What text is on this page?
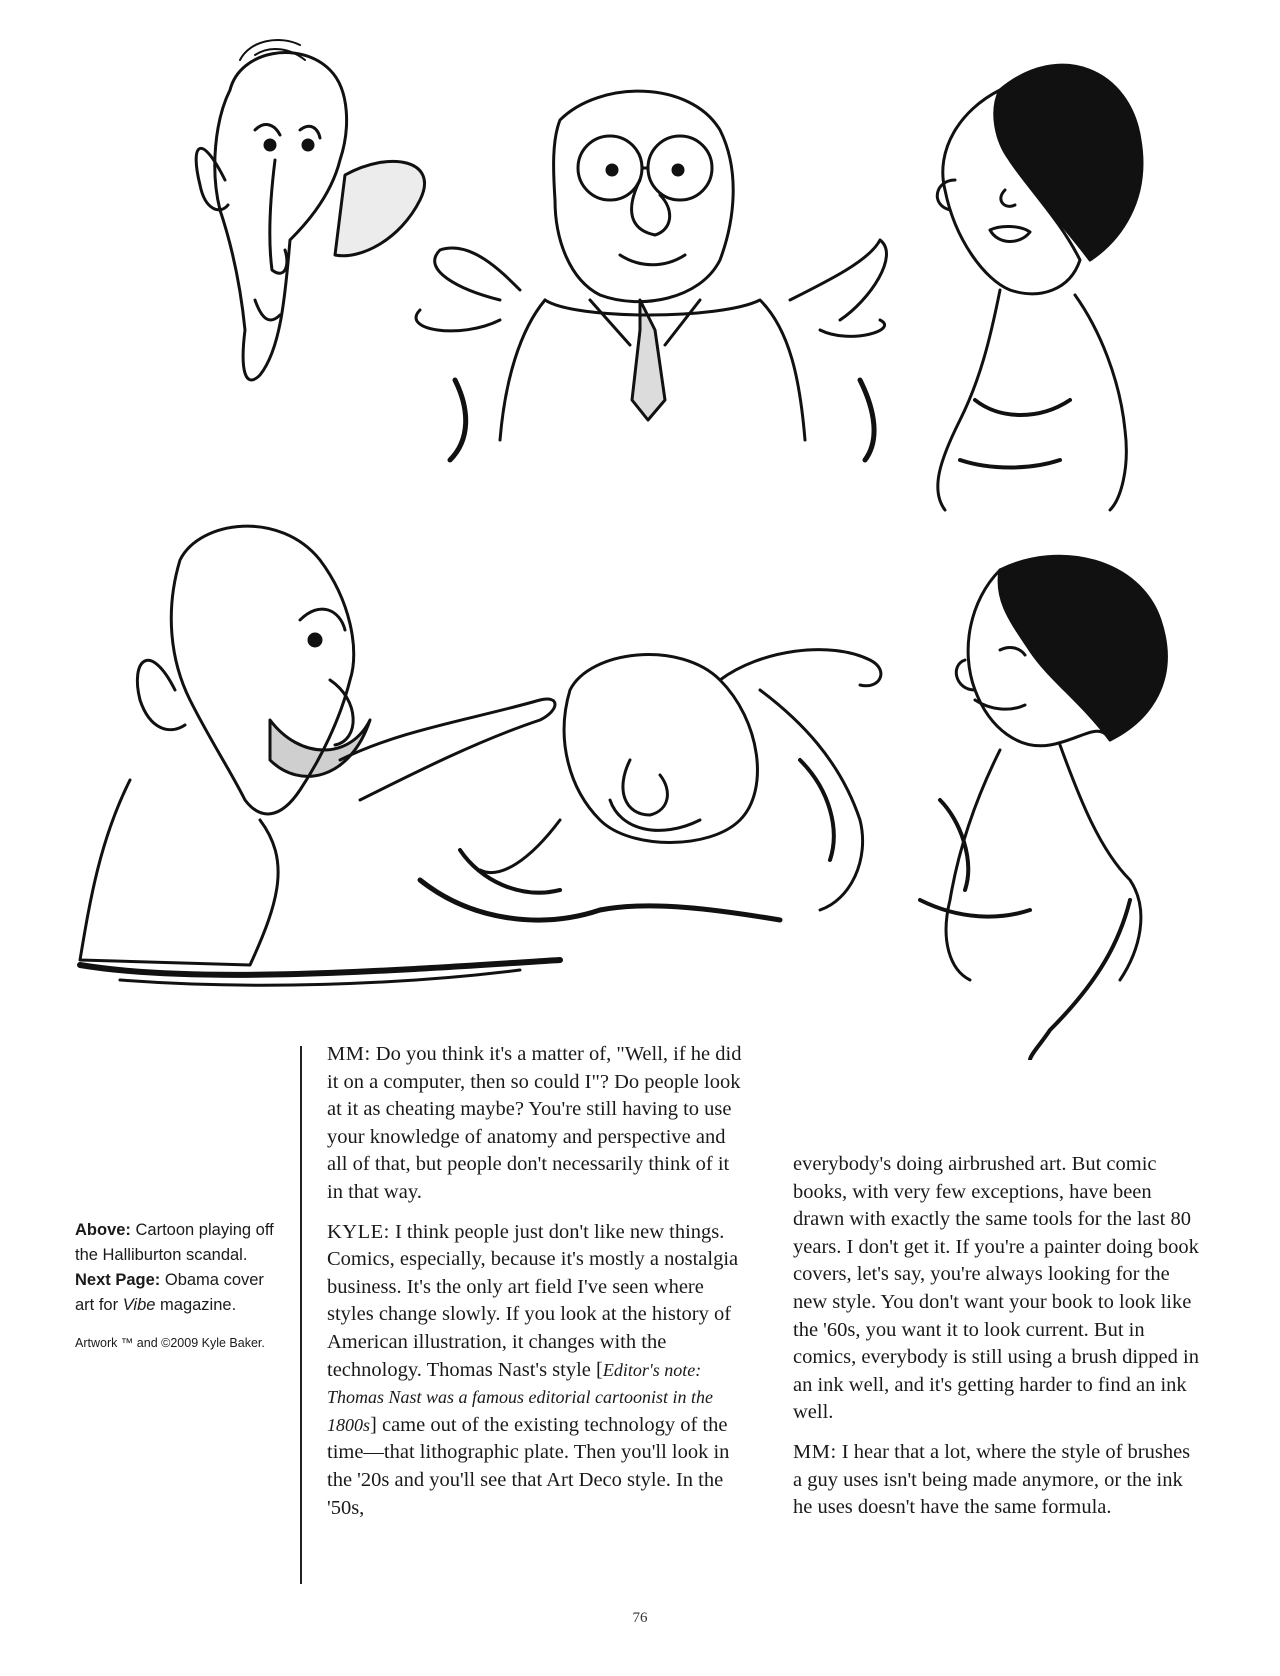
Above: Cartoon playing off the Halliburton scandal.
Next Page: Obama cover art for Vibe magazine.
Artwork ™ and ©2009 Kyle Baker.

MM: Do you think it's a matter of, "Well, if he did it on a computer, then so could I"? Do people look at it as cheating maybe? You're still having to use your knowledge of anatomy and perspective and all of that, but people don't necessarily think of it in that way.

KYLE: I think people just don't like new things. Comics, especially, because it's mostly a nostalgia business. It's the only art field I've seen where styles change slowly. If you look at the history of American illustration, it changes with the technology. Thomas Nast's style [Editor's note: Thomas Nast was a famous editorial cartoonist in the 1800s] came out of the existing technology of the time—that lithographic plate. Then you'll look in the '20s and you'll see that Art Deco style. In the '50s,

everybody's doing airbrushed art. But comic books, with very few exceptions, have been drawn with exactly the same tools for the last 80 years. I don't get it. If you're a painter doing book covers, let's say, you're always looking for the new style. You don't want your book to look like the '60s, you want it to look current. But in comics, everybody is still using a brush dipped in an ink well, and it's getting harder to find an ink well.

MM: I hear that a lot, where the style of brushes a guy uses isn't being made anymore, or the ink he uses doesn't have the same formula.

76
